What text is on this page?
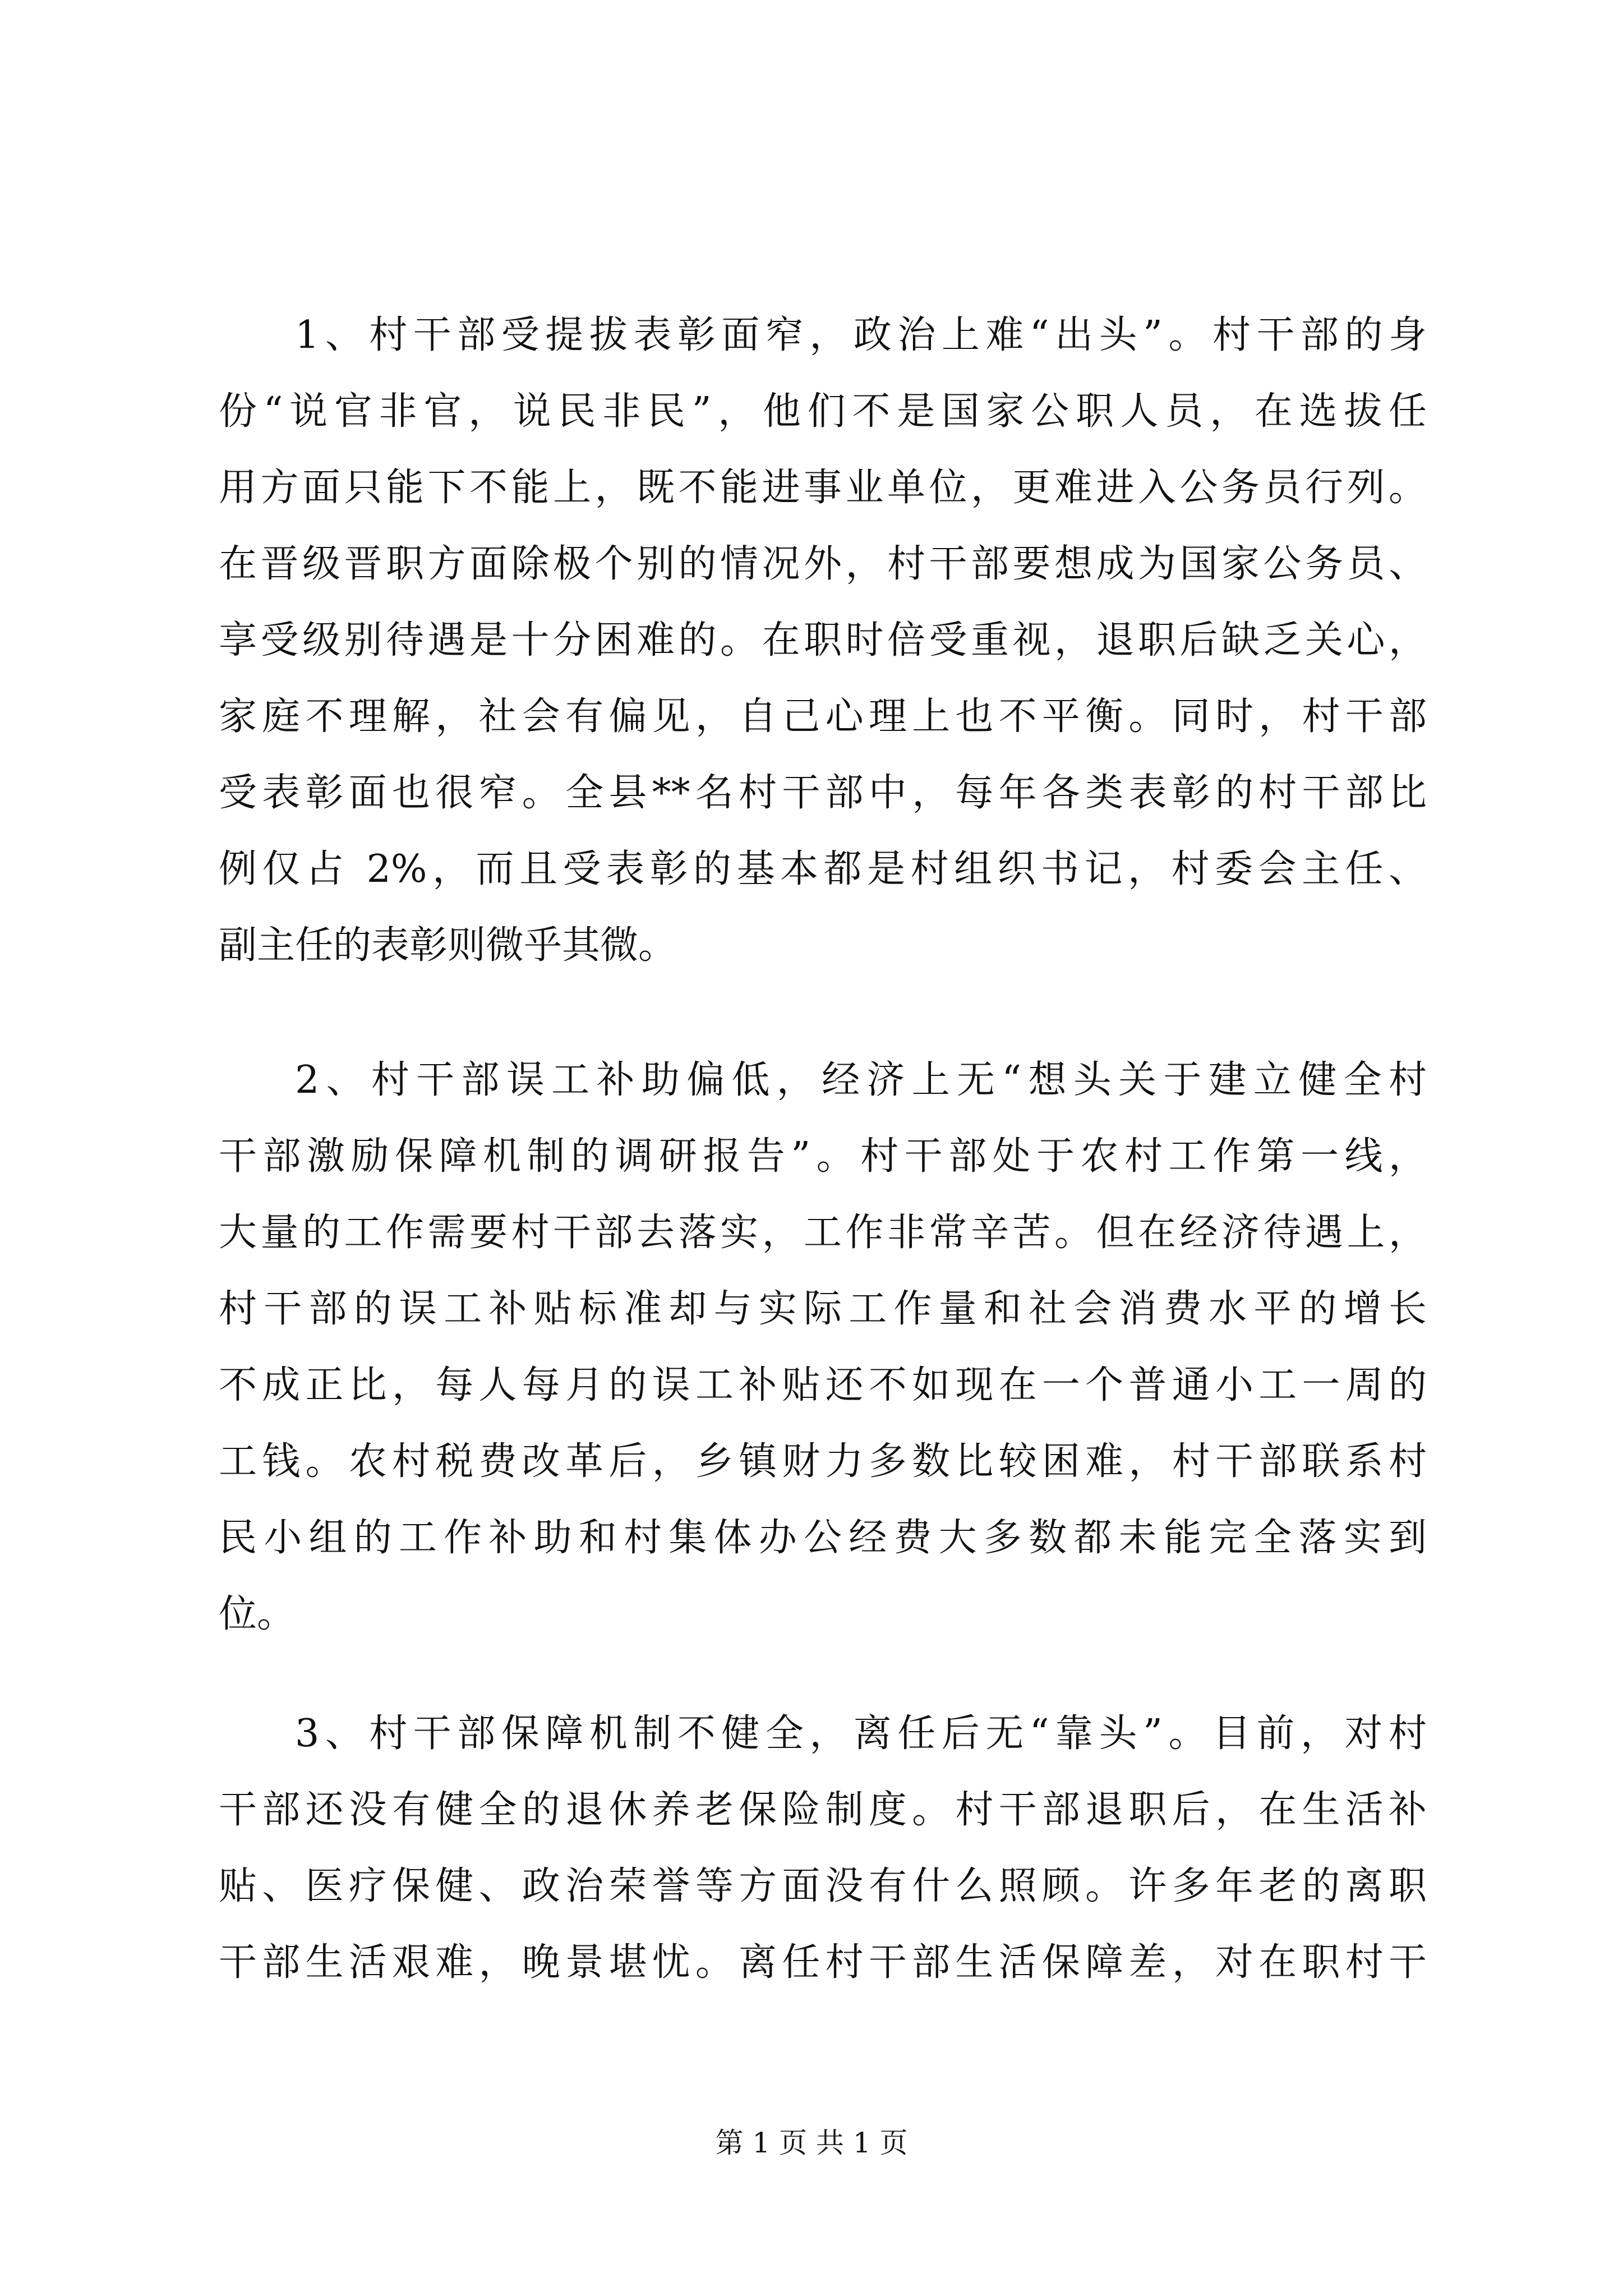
1、村干部受提拔表彰面窄，政治上难“出头”。村干部的身
份“说官非官，说民非民”，他们不是国家公职人员，在选拔任
用方面只能下不能上，既不能进事业单位，更难进入公务员行列。
在晋级晋职方面除极个别的情况外，村干部要想成为国家公务员、
享受级别待遇是十分困难的。在职时倍受重视，退职后缺乏关心，
家庭不理解，社会有偏见，自己心理上也不平衡。同时，村干部
受表彰面也很窄。全县**名村干部中，每年各类表彰的村干部比
例仅占 2%，而且受表彰的基本都是村组织书记，村委会主任、
副主任的表彰则微乎其微。
2、村干部误工补助偏低，经济上无“想头关于建立健全村
干部激励保障机制的调研报告”。村干部处于农村工作第一线，
大量的工作需要村干部去落实，工作非常辛苦。但在经济待遇上，
村干部的误工补贴标准却与实际工作量和社会消费水平的增长
不成正比，每人每月的误工补贴还不如现在一个普通小工一周的
工钱。农村税费改革后，乡镇财力多数比较困难，村干部联系村
民小组的工作补助和村集体办公经费大多数都未能完全落实到
位。
3、村干部保障机制不健全，离任后无“靠头”。目前，对村
干部还没有健全的退休养老保险制度。村干部退职后，在生活补
贴、医疗保健、政治荣誉等方面没有什么照顾。许多年老的离职
干部生活艰难，晚景堪忧。离任村干部生活保障差，对在职村干
第 1 页 共 1 页
